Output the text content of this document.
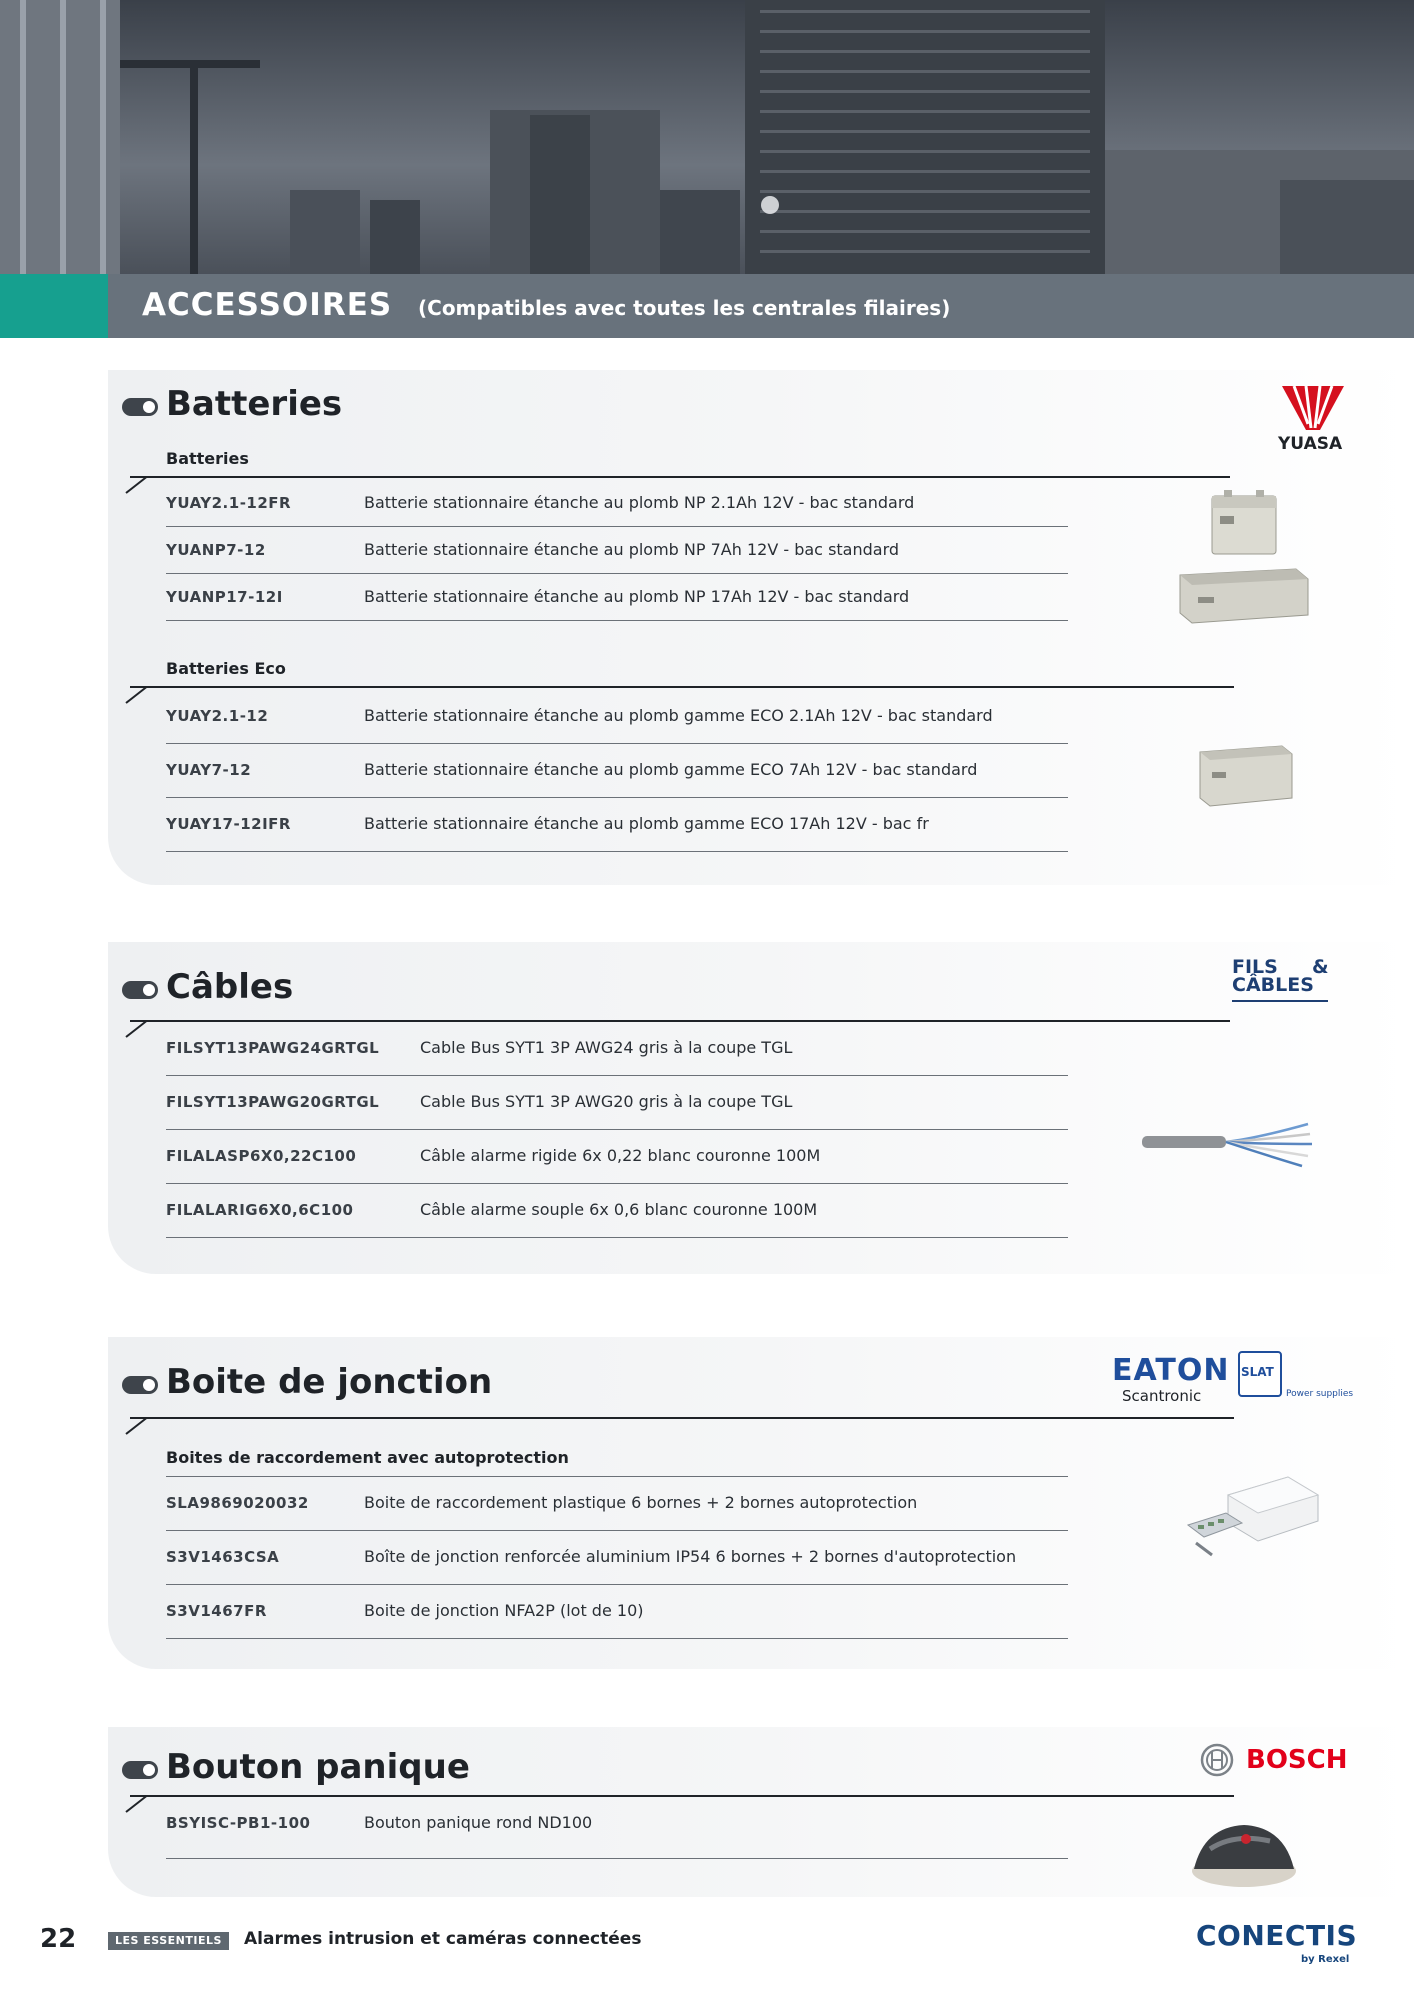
ACCESSOIRES (Compatibles avec toutes les centrales filaires)
Batteries
YUASA
Batteries
YUAY2.1-12FR	Batterie stationnaire étanche au plomb NP 2.1Ah 12V - bac standard
YUANP7-12	Batterie stationnaire étanche au plomb NP 7Ah 12V - bac standard
YUANP17-12I	Batterie stationnaire étanche au plomb NP 17Ah 12V - bac standard
Batteries Eco
YUAY2.1-12	Batterie stationnaire étanche au plomb gamme ECO 2.1Ah 12V - bac standard
YUAY7-12	Batterie stationnaire étanche au plomb gamme ECO 7Ah 12V - bac standard
YUAY17-12IFR	Batterie stationnaire étanche au plomb gamme ECO 17Ah 12V - bac fr
Câbles	FILS &
CÂBLES
FILSYT13PAWG24GRTGL	Cable Bus SYT1 3P AWG24 gris à la coupe TGL
FILSYT13PAWG20GRTGL	Cable Bus SYT1 3P AWG20 gris à la coupe TGL
FILALASP6X0,22C100	Câble alarme rigide 6x 0,22 blanc couronne 100M
FILALARIG6X0,6C100	Câble alarme souple 6x 0,6 blanc couronne 100M
Boite de jonction	EATON
Scantronic
SLAT
Power supplies
Boites de raccordement avec autoprotection
SLA9869020032	Boite de raccordement plastique 6 bornes + 2 bornes autoprotection
S3V1463CSA	Boîte de jonction renforcée aluminium IP54 6 bornes + 2 bornes d'autoprotection
S3V1467FR	Boite de jonction NFA2P (lot de 10)
Bouton panique	BOSCH
BSYISC-PB1-100	Bouton panique rond ND100
22	LES ESSENTIELS	Alarmes intrusion et caméras connectées	CONECTIS
by Rexel
